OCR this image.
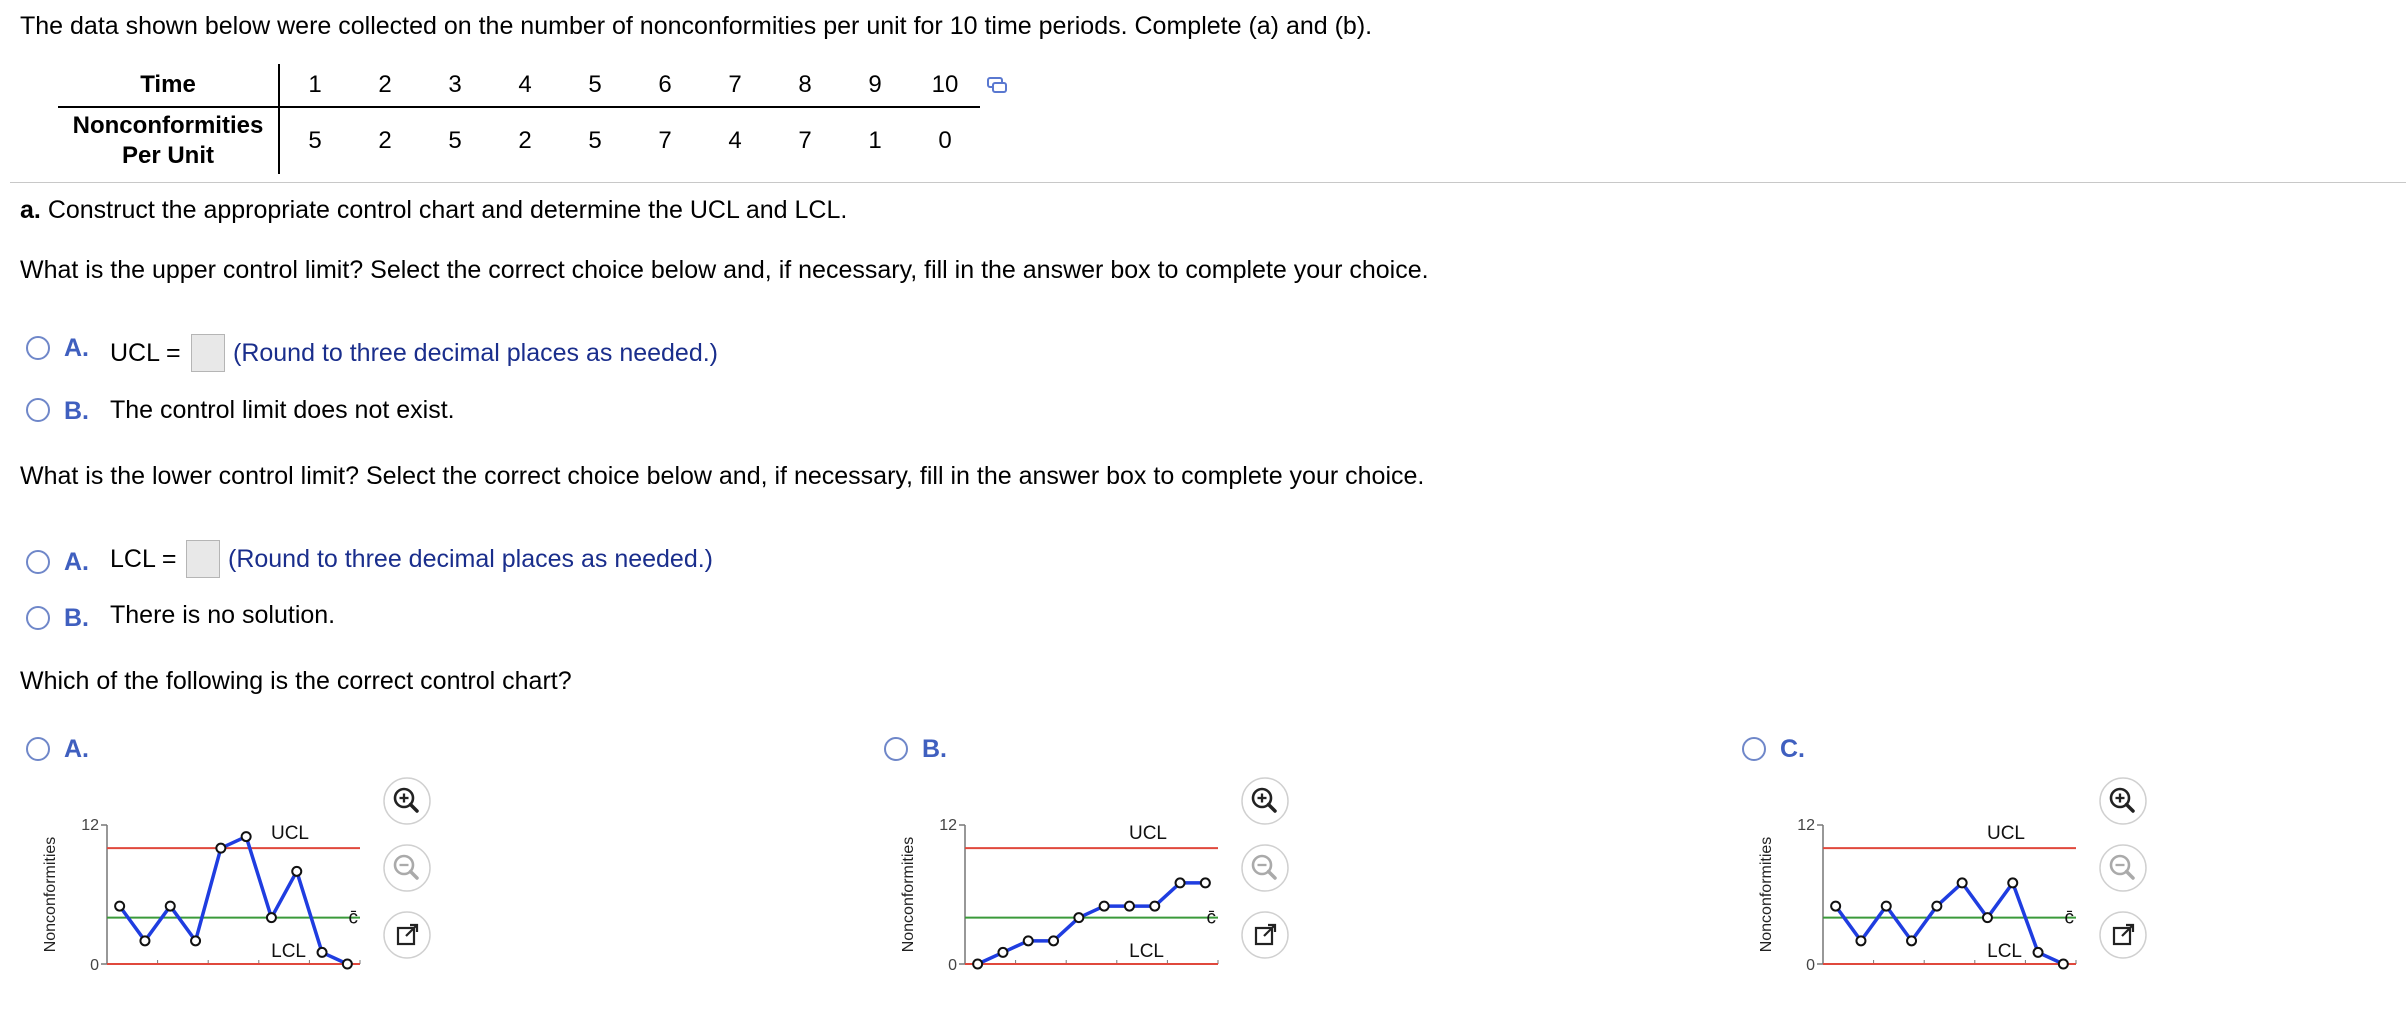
The data shown below were collected on the number of nonconformities per unit for 10 time periods. Complete (a) and (b).
Time	1	2	3	4	5	6	7	8	9	10
Nonconformities
Per Unit	5	2	5	2	5	7	4	7	1	0
a. Construct the appropriate control chart and determine the UCL and LCL.
What is the upper control limit? Select the correct choice below and, if necessary, fill in the answer box to complete your choice.
A. UCL = (Round to three decimal places as needed.)
B. The control limit does not exist.
What is the lower control limit? Select the correct choice below and, if necessary, fill in the answer box to complete your choice.
A. LCL = (Round to three decimal places as needed.)
B. There is no solution.
Which of the following is the correct control chart?
A.	B.	C.
Nonconformities
12
0
UCL
c̄
LCL	Nonconformities
12
0
UCL
c̄
LCL	Nonconformities
12
0
UCL
c̄
LCL
